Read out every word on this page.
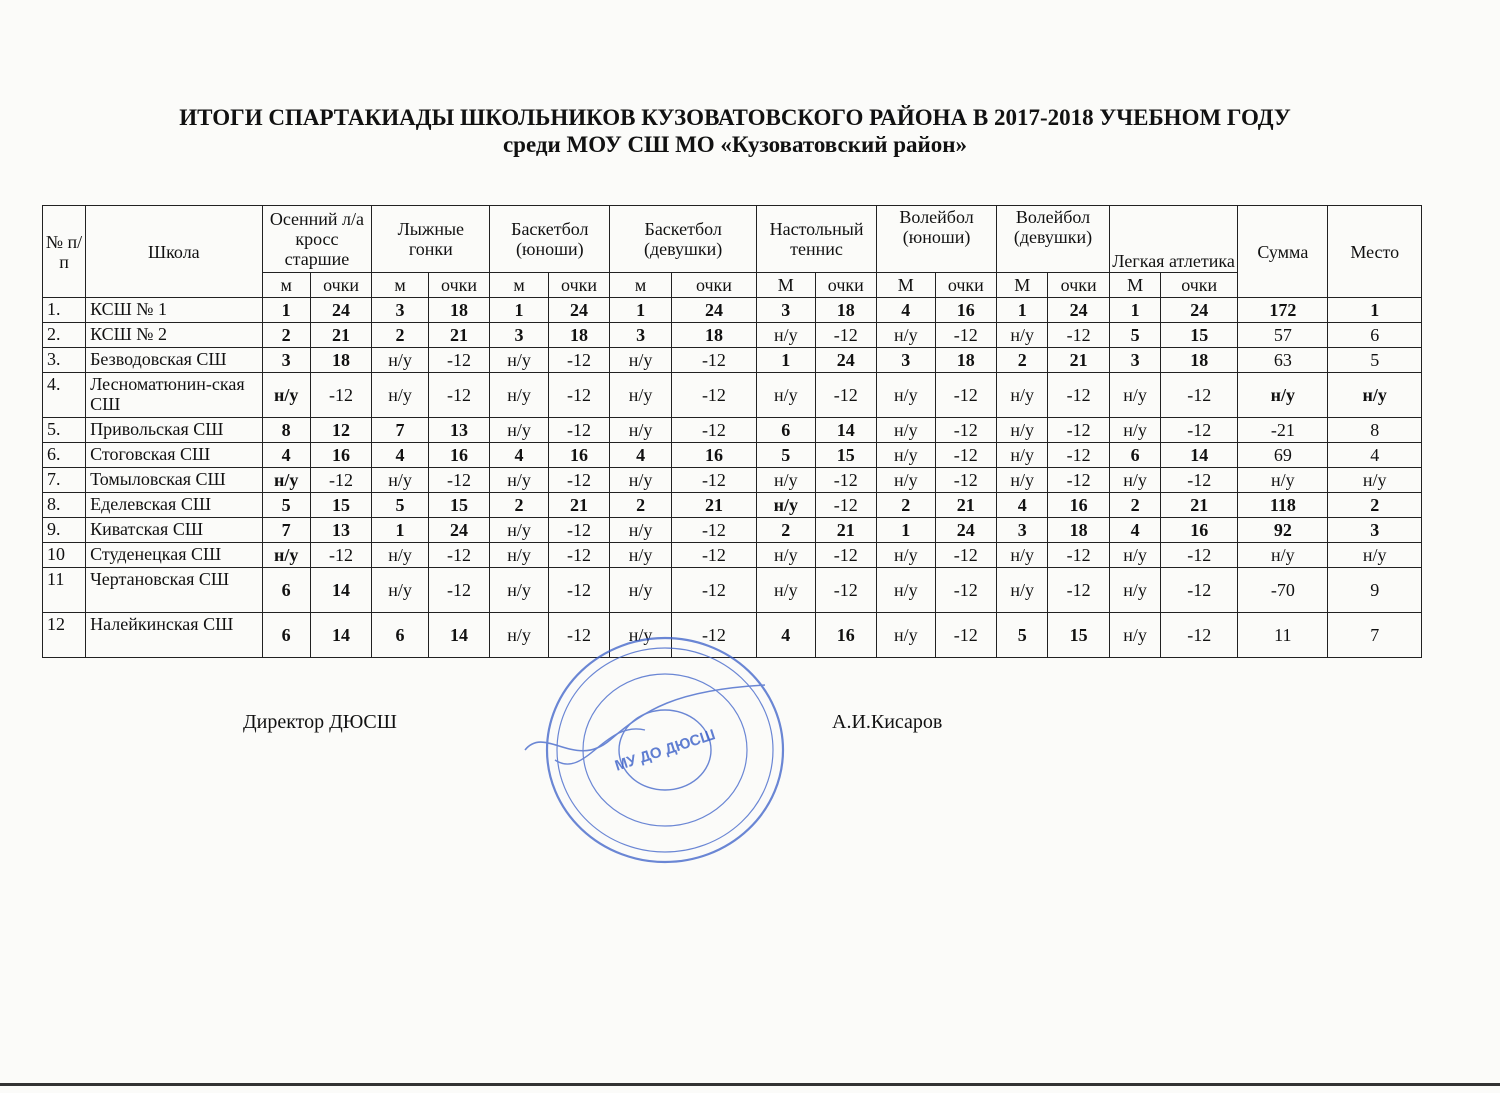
ИТОГИ СПАРТАКИАДЫ ШКОЛЬНИКОВ КУЗОВАТОВСКОГО РАЙОНА В 2017-2018 УЧЕБНОМ ГОДУ
среди МОУ СШ МО «Кузоватовский район»
№ п/п	Школа	Осенний л/а кросс старшие		Лыжные гонки		Баскетбол (юноши)		Баскетбол (девушки)		Настольный теннис		Волейбол (юноши)		Волейбол (девушки)		Легкая атлетика		Сумма	Место
		м	очки	м	очки	м	очки	м	очки	М	очки	М	очки	М	очки	М	очки		
1.	КСШ № 1	1	24	3	18	1	24	1	24	3	18	4	16	1	24	1	24	172	1
2.	КСШ № 2	2	21	2	21	3	18	3	18	н/у	-12	н/у	-12	н/у	-12	5	15	57	6
3.	Безводовская СШ	3	18	н/у	-12	н/у	-12	н/у	-12	1	24	3	18	2	21	3	18	63	5
4.	Лесноматюнин-ская СШ	н/у	-12	н/у	-12	н/у	-12	н/у	-12	н/у	-12	н/у	-12	н/у	-12	н/у	-12	н/у	н/у
5.	Привольская СШ	8	12	7	13	н/у	-12	н/у	-12	6	14	н/у	-12	н/у	-12	н/у	-12	-21	8
6.	Стоговская СШ	4	16	4	16	4	16	4	16	5	15	н/у	-12	н/у	-12	6	14	69	4
7.	Томыловская СШ	н/у	-12	н/у	-12	н/у	-12	н/у	-12	н/у	-12	н/у	-12	н/у	-12	н/у	-12	н/у	н/у
8.	Еделевская СШ	5	15	5	15	2	21	2	21	н/у	-12	2	21	4	16	2	21	118	2
9.	Киватская СШ	7	13	1	24	н/у	-12	н/у	-12	2	21	1	24	3	18	4	16	92	3
10	Студенецкая СШ	н/у	-12	н/у	-12	н/у	-12	н/у	-12	н/у	-12	н/у	-12	н/у	-12	н/у	-12	н/у	н/у
11	Чертановская СШ	6	14	н/у	-12	н/у	-12	н/у	-12	н/у	-12	н/у	-12	н/у	-12	н/у	-12	-70	9
12	Налейкинская СШ	6	14	6	14	н/у	-12	н/у	-12	4	16	н/у	-12	5	15	н/у	-12	11	7
Директор ДЮСШ	А.И.Кисаров
МУ ДО ДЮСШ
